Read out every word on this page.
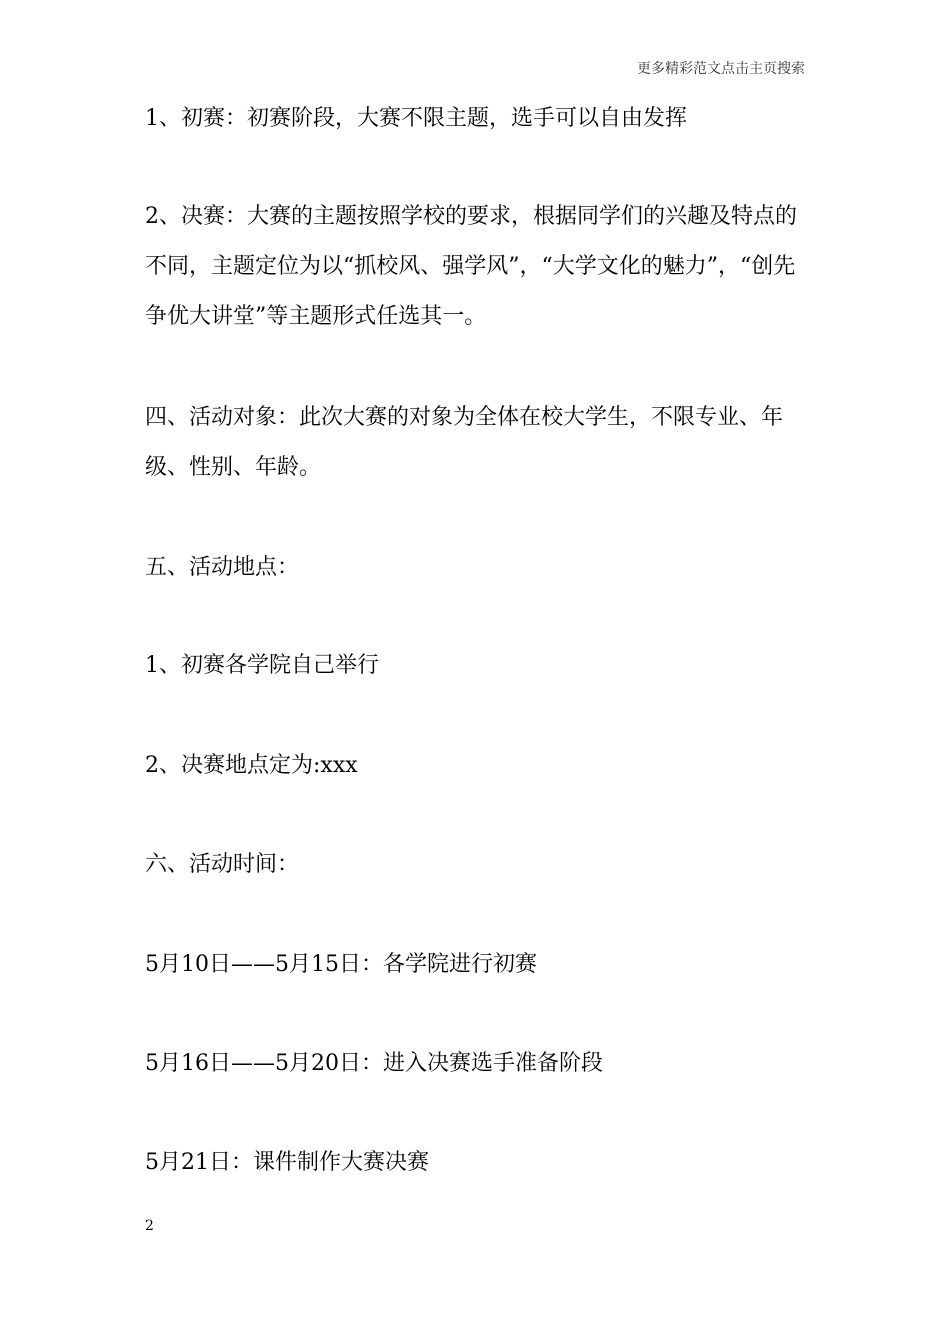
更多精彩范文点击主页搜索

1、初赛：初赛阶段，大赛不限主题，选手可以自由发挥

2、决赛：大赛的主题按照学校的要求，根据同学们的兴趣及特点的不同，主题定位为以“抓校风、强学风”，“大学文化的魅力”，“创先争优大讲堂”等主题形式任选其一。

四、活动对象：此次大赛的对象为全体在校大学生，不限专业、年级、性别、年龄。

五、活动地点：

1、初赛各学院自己举行

2、决赛地点定为:xxx

六、活动时间：

5月10日——5月15日：各学院进行初赛

5月16日——5月20日：进入决赛选手准备阶段

5月21日：课件制作大赛决赛

2
